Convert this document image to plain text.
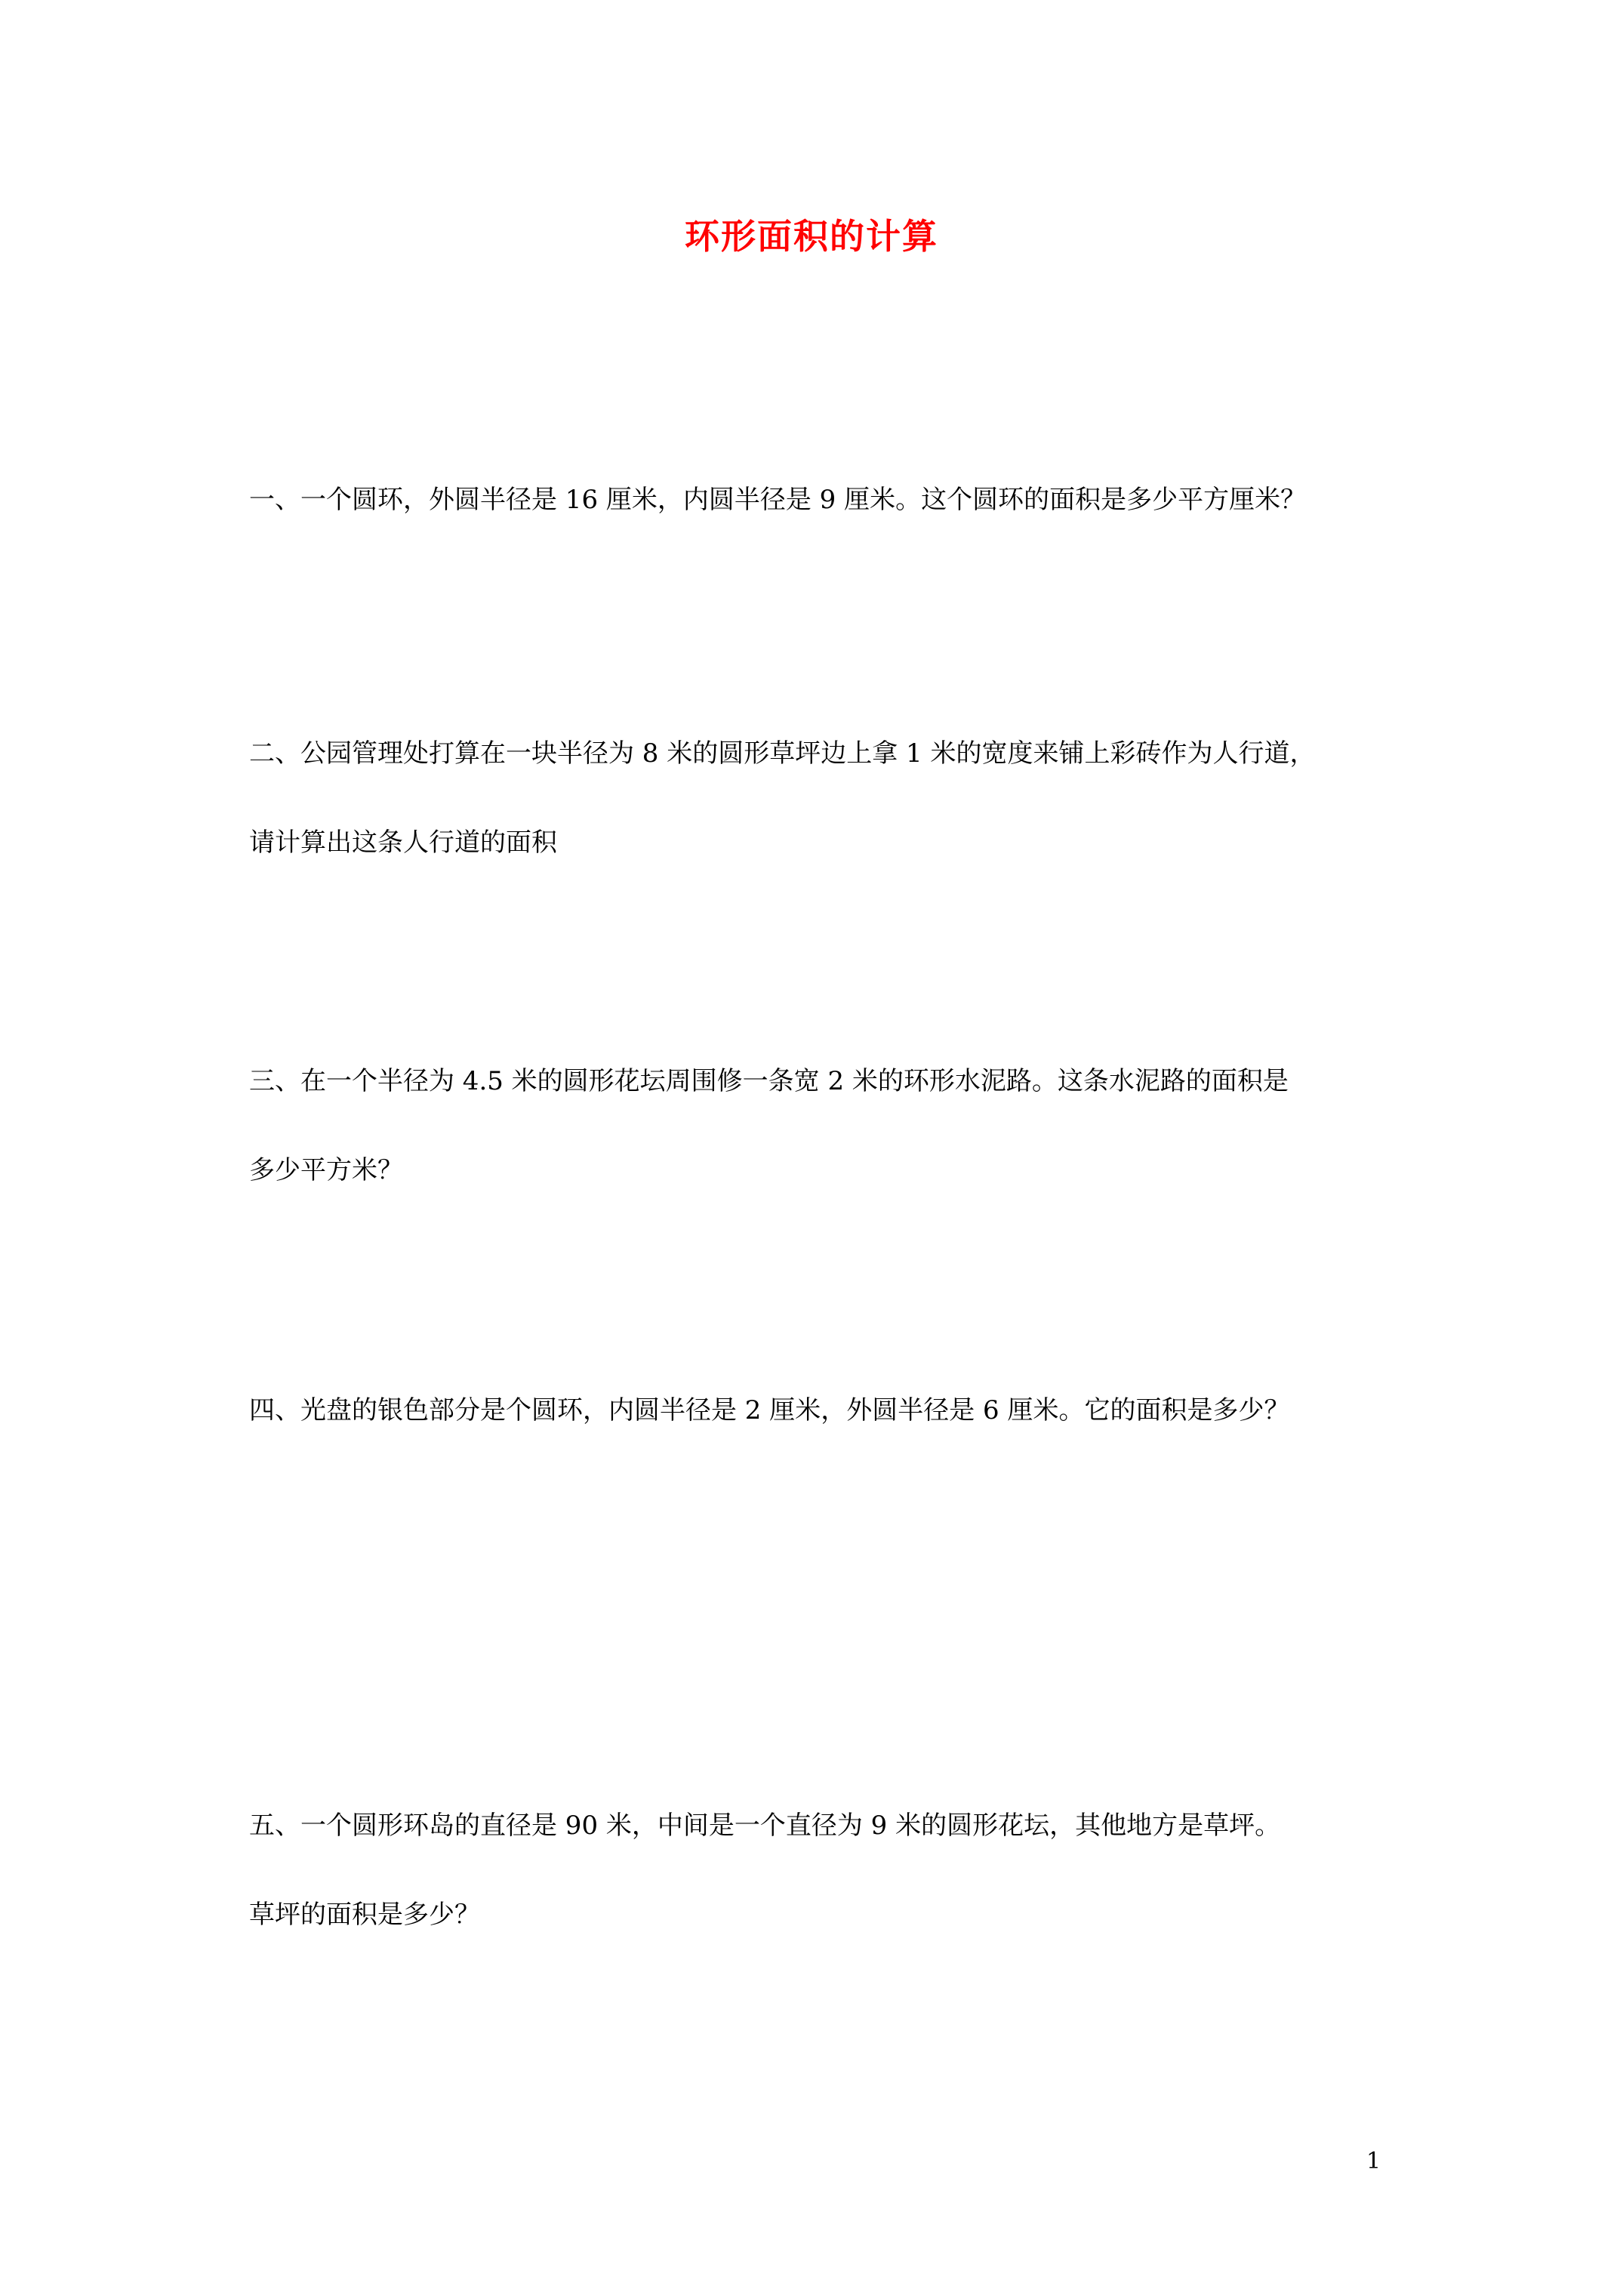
环形面积的计算
一、一个圆环，外圆半径是 16 厘米，内圆半径是 9 厘米。这个圆环的面积是多少平方厘米？
二、公园管理处打算在一块半径为 8 米的圆形草坪边上拿 1 米的宽度来铺上彩砖作为人行道，
请计算出这条人行道的面积
三、在一个半径为 4.5 米的圆形花坛周围修一条宽 2 米的环形水泥路。这条水泥路的面积是
多少平方米？
四、光盘的银色部分是个圆环，内圆半径是 2 厘米，外圆半径是 6 厘米。它的面积是多少？
五、一个圆形环岛的直径是 90 米，中间是一个直径为 9 米的圆形花坛，其他地方是草坪。
草坪的面积是多少？
1
